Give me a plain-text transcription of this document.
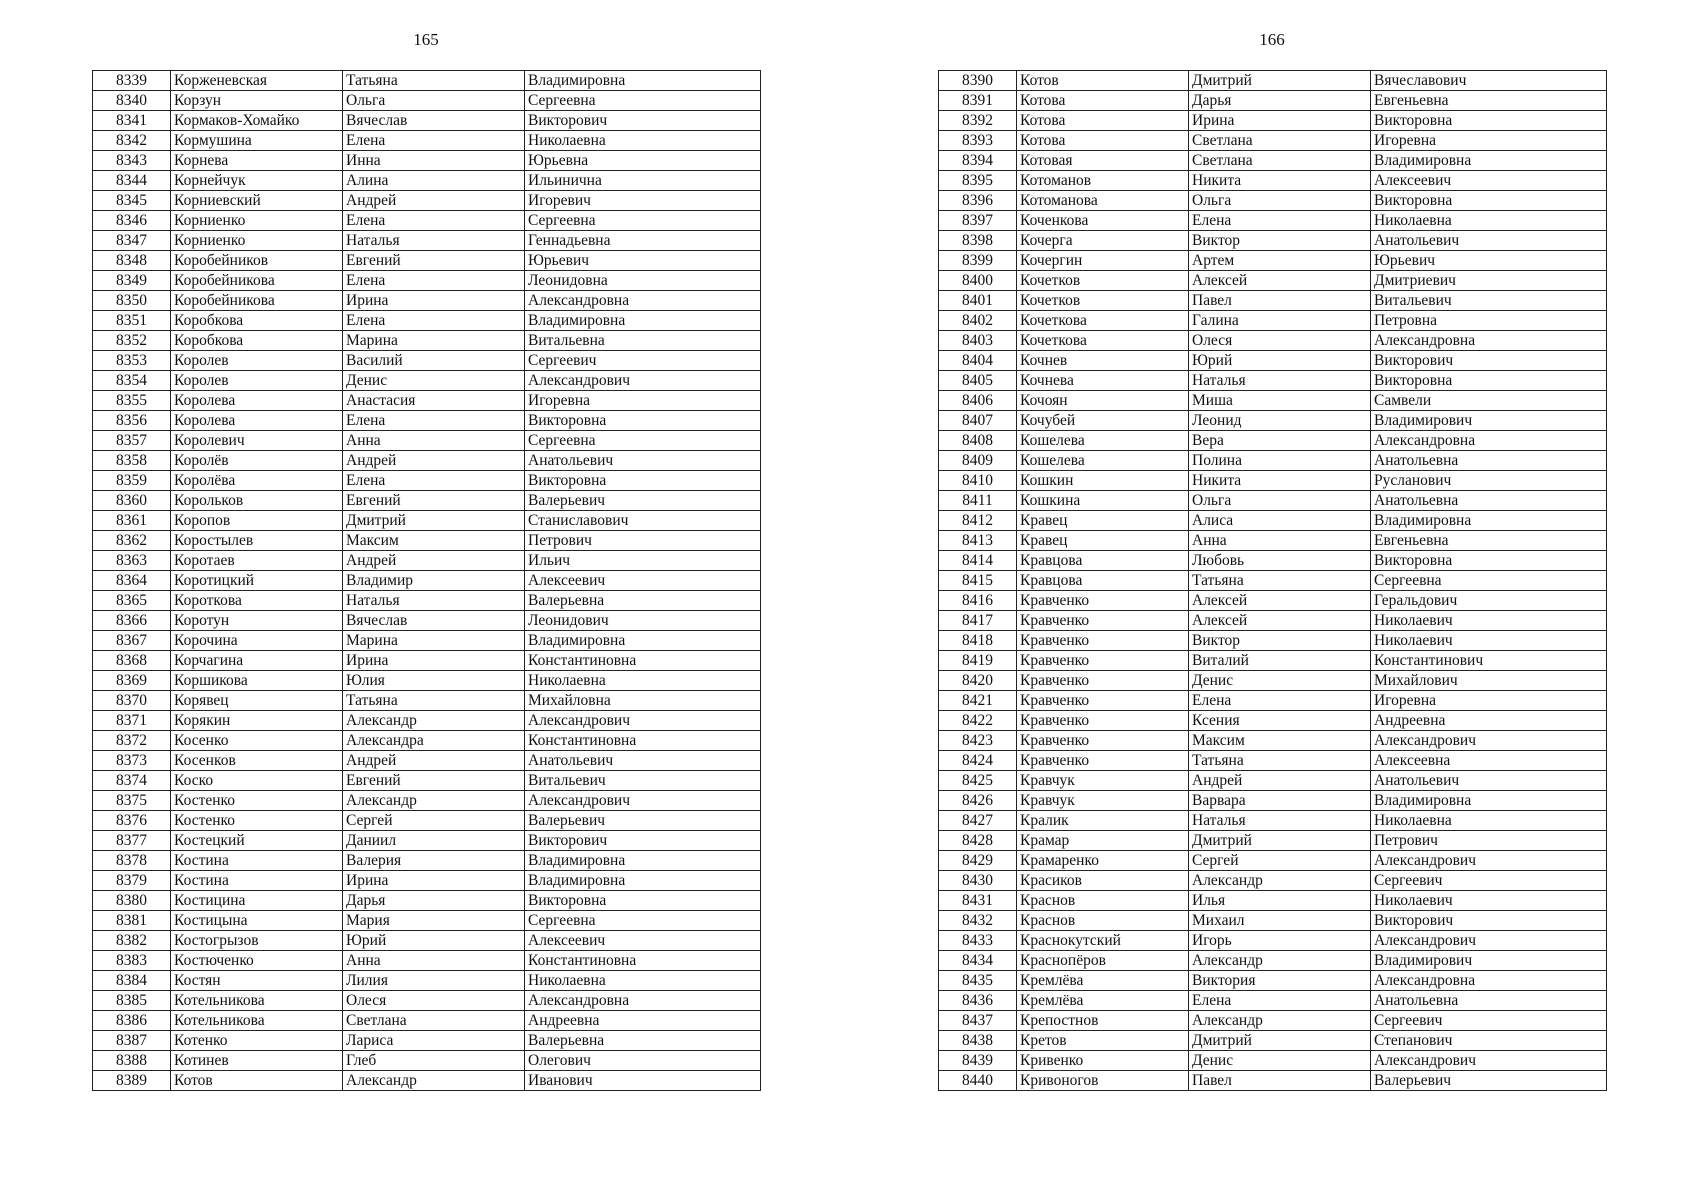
165
8339	Корженевская	Татьяна	Владимировна
8340	Корзун	Ольга	Сергеевна
8341	Кормаков-Хомайко	Вячеслав	Викторович
8342	Кормушина	Елена	Николаевна
8343	Корнева	Инна	Юрьевна
8344	Корнейчук	Алина	Ильинична
8345	Корниевский	Андрей	Игоревич
8346	Корниенко	Елена	Сергеевна
8347	Корниенко	Наталья	Геннадьевна
8348	Коробейников	Евгений	Юрьевич
8349	Коробейникова	Елена	Леонидовна
8350	Коробейникова	Ирина	Александровна
8351	Коробкова	Елена	Владимировна
8352	Коробкова	Марина	Витальевна
8353	Королев	Василий	Сергеевич
8354	Королев	Денис	Александрович
8355	Королева	Анастасия	Игоревна
8356	Королева	Елена	Викторовна
8357	Королевич	Анна	Сергеевна
8358	Королёв	Андрей	Анатольевич
8359	Королёва	Елена	Викторовна
8360	Корольков	Евгений	Валерьевич
8361	Коропов	Дмитрий	Станиславович
8362	Коростылев	Максим	Петрович
8363	Коротаев	Андрей	Ильич
8364	Коротицкий	Владимир	Алексеевич
8365	Короткова	Наталья	Валерьевна
8366	Коротун	Вячеслав	Леонидович
8367	Корочина	Марина	Владимировна
8368	Корчагина	Ирина	Константиновна
8369	Коршикова	Юлия	Николаевна
8370	Корявец	Татьяна	Михайловна
8371	Корякин	Александр	Александрович
8372	Косенко	Александра	Константиновна
8373	Косенков	Андрей	Анатольевич
8374	Коско	Евгений	Витальевич
8375	Костенко	Александр	Александрович
8376	Костенко	Сергей	Валерьевич
8377	Костецкий	Даниил	Викторович
8378	Костина	Валерия	Владимировна
8379	Костина	Ирина	Владимировна
8380	Костицина	Дарья	Викторовна
8381	Костицына	Мария	Сергеевна
8382	Костогрызов	Юрий	Алексеевич
8383	Костюченко	Анна	Константиновна
8384	Костян	Лилия	Николаевна
8385	Котельникова	Олеся	Александровна
8386	Котельникова	Светлана	Андреевна
8387	Котенко	Лариса	Валерьевна
8388	Котинев	Глеб	Олегович
8389	Котов	Александр	Иванович
166
8390	Котов	Дмитрий	Вячеславович
8391	Котова	Дарья	Евгеньевна
8392	Котова	Ирина	Викторовна
8393	Котова	Светлана	Игоревна
8394	Котовая	Светлана	Владимировна
8395	Котоманов	Никита	Алексеевич
8396	Котоманова	Ольга	Викторовна
8397	Коченкова	Елена	Николаевна
8398	Кочерга	Виктор	Анатольевич
8399	Кочергин	Артем	Юрьевич
8400	Кочетков	Алексей	Дмитриевич
8401	Кочетков	Павел	Витальевич
8402	Кочеткова	Галина	Петровна
8403	Кочеткова	Олеся	Александровна
8404	Кочнев	Юрий	Викторович
8405	Кочнева	Наталья	Викторовна
8406	Кочоян	Миша	Самвели
8407	Кочубей	Леонид	Владимирович
8408	Кошелева	Вера	Александровна
8409	Кошелева	Полина	Анатольевна
8410	Кошкин	Никита	Русланович
8411	Кошкина	Ольга	Анатольевна
8412	Кравец	Алиса	Владимировна
8413	Кравец	Анна	Евгеньевна
8414	Кравцова	Любовь	Викторовна
8415	Кравцова	Татьяна	Сергеевна
8416	Кравченко	Алексей	Геральдович
8417	Кравченко	Алексей	Николаевич
8418	Кравченко	Виктор	Николаевич
8419	Кравченко	Виталий	Константинович
8420	Кравченко	Денис	Михайлович
8421	Кравченко	Елена	Игоревна
8422	Кравченко	Ксения	Андреевна
8423	Кравченко	Максим	Александрович
8424	Кравченко	Татьяна	Алексеевна
8425	Кравчук	Андрей	Анатольевич
8426	Кравчук	Варвара	Владимировна
8427	Кралик	Наталья	Николаевна
8428	Крамар	Дмитрий	Петрович
8429	Крамаренко	Сергей	Александрович
8430	Красиков	Александр	Сергеевич
8431	Краснов	Илья	Николаевич
8432	Краснов	Михаил	Викторович
8433	Краснокутский	Игорь	Александрович
8434	Краснопёров	Александр	Владимирович
8435	Кремлёва	Виктория	Александровна
8436	Кремлёва	Елена	Анатольевна
8437	Крепостнов	Александр	Сергеевич
8438	Кретов	Дмитрий	Степанович
8439	Кривенко	Денис	Александрович
8440	Кривоногов	Павел	Валерьевич
